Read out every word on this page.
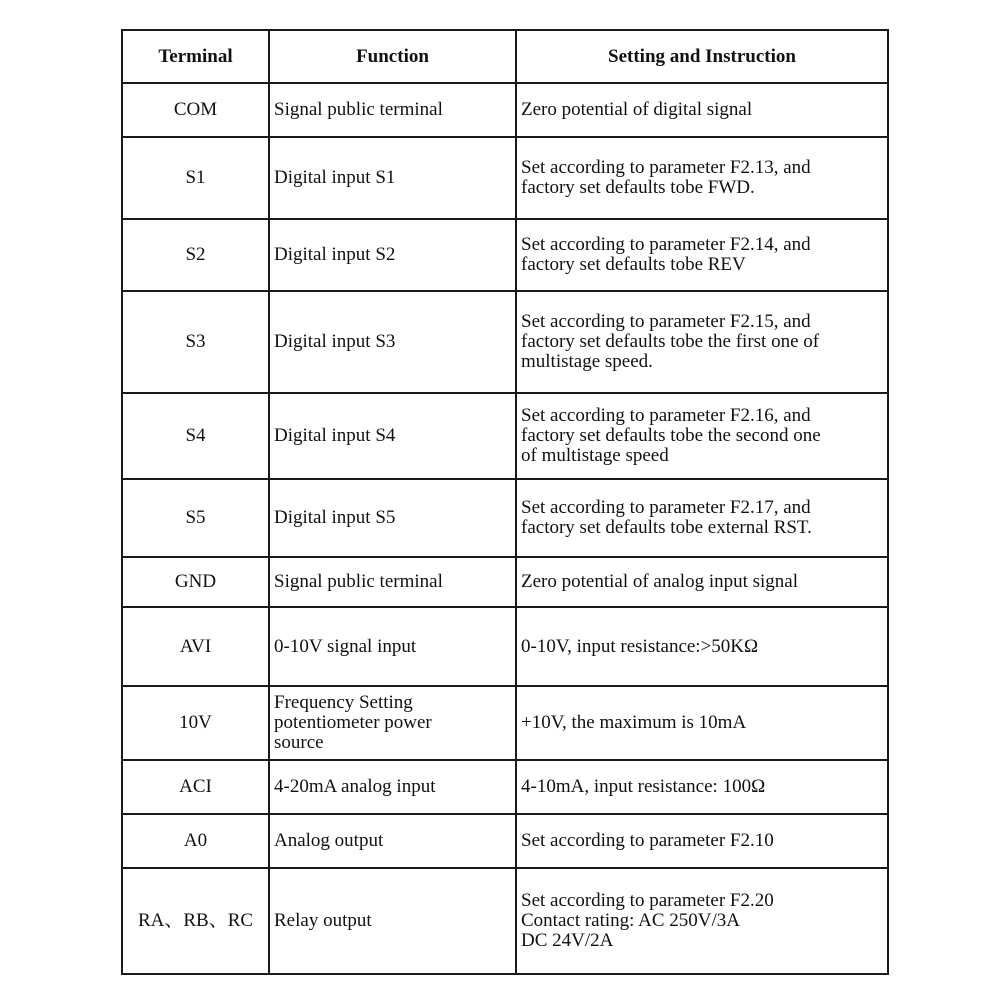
Terminal	Function	Setting and Instruction
COM	Signal public terminal	Zero potential of digital signal

S1	Digital input S1	Set according to parameter F2.13, and
factory set defaults tobe FWD.

S2	Digital input S2	Set according to parameter F2.14, and
factory set defaults tobe REV

S3	Digital input S3	Set according to parameter F2.15, and
factory set defaults tobe the first one of
multistage speed.

S4	Digital input S4	Set according to parameter F2.16, and
factory set defaults tobe the second one
of multistage speed

S5	Digital input S5	Set according to parameter F2.17, and
factory set defaults tobe external RST.

GND	Signal public terminal	Zero potential of analog input signal

AVI	0-10V signal input	0-10V, input resistance:>50KΩ

10V	Frequency Setting
potentiometer power
source	+10V, the maximum is 10mA

ACI	4-20mA analog input	4-10mA, input resistance: 100Ω

A0	Analog output	Set according to parameter F2.10

RA、RB、RC	Relay output	Set according to parameter F2.20
Contact rating: AC 250V/3A
DC 24V/2A
